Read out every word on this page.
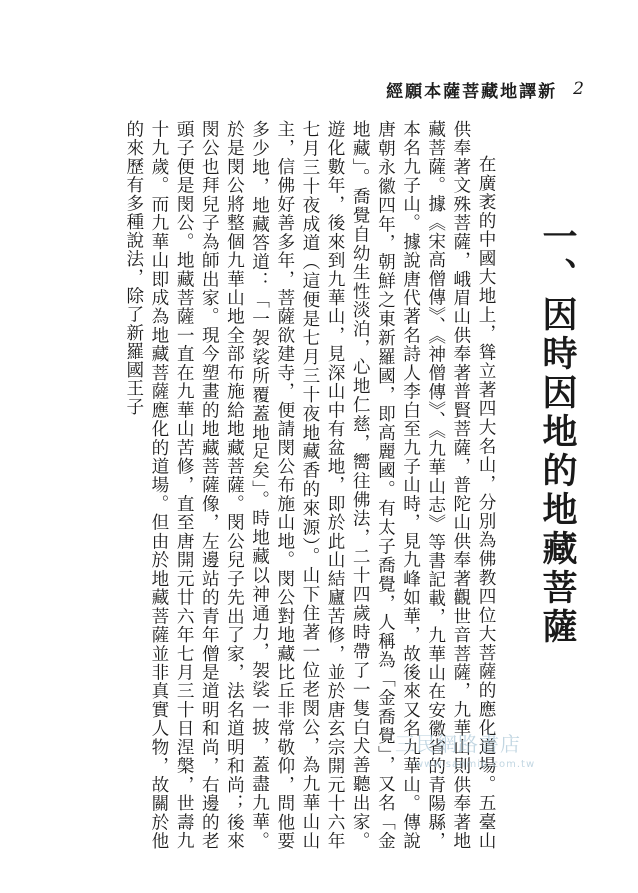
經願本薩菩藏地譯新 2
一、因時因地的地藏菩薩

在廣袤的中國大地上，聳立著四大名山，分別為佛教四位大菩薩的應化道場。五臺山供奉著文殊菩薩，峨眉山供奉著普賢菩薩，普陀山供奉著觀世音菩薩，九華山則供奉著地藏菩薩。據《宋高僧傳》、《神僧傳》、《九華山志》等書記載，九華山在安徽省的青陽縣，本名九子山。據說唐代著名詩人李白至九子山時，見九峰如華，故後來又名九華山。傳說唐朝永徽四年，朝鮮之東新羅國，即高麗國。有太子喬覺，人稱為「金喬覺」，又名「金地藏」。喬覺自幼生性淡泊，心地仁慈，嚮往佛法，二十四歲時帶了一隻白犬善聽出家。遊化數年，後來到九華山，見深山中有盆地，即於此山結廬苦修，並於唐玄宗開元十六年七月三十夜成道（這便是七月三十夜地藏香的來源）。山下住著一位老閔公，為九華山山主，信佛好善多年，菩薩欲建寺，便請閔公布施山地。閔公對地藏比丘非常敬仰，問他要多少地，地藏答道：「一袈裟所覆蓋地足矣」。時地藏以神通力，袈裟一披，蓋盡九華。於是閔公將整個九華山地全部布施給地藏菩薩。閔公兒子先出了家，法名道明和尚；後來閔公也拜兒子為師出家。現今塑畫的地藏菩薩像，左邊站的青年僧是道明和尚，右邊的老頭子便是閔公。地藏菩薩一直在九華山苦修，直至唐開元廿六年七月三十日涅槃，世壽九十九歲。而九華山即成為地藏菩薩應化的道場。但由於地藏菩薩並非真實人物，故關於他的來歷有多種說法，除了新羅國王子

三民網路書店
www.sanmin.com.tw
